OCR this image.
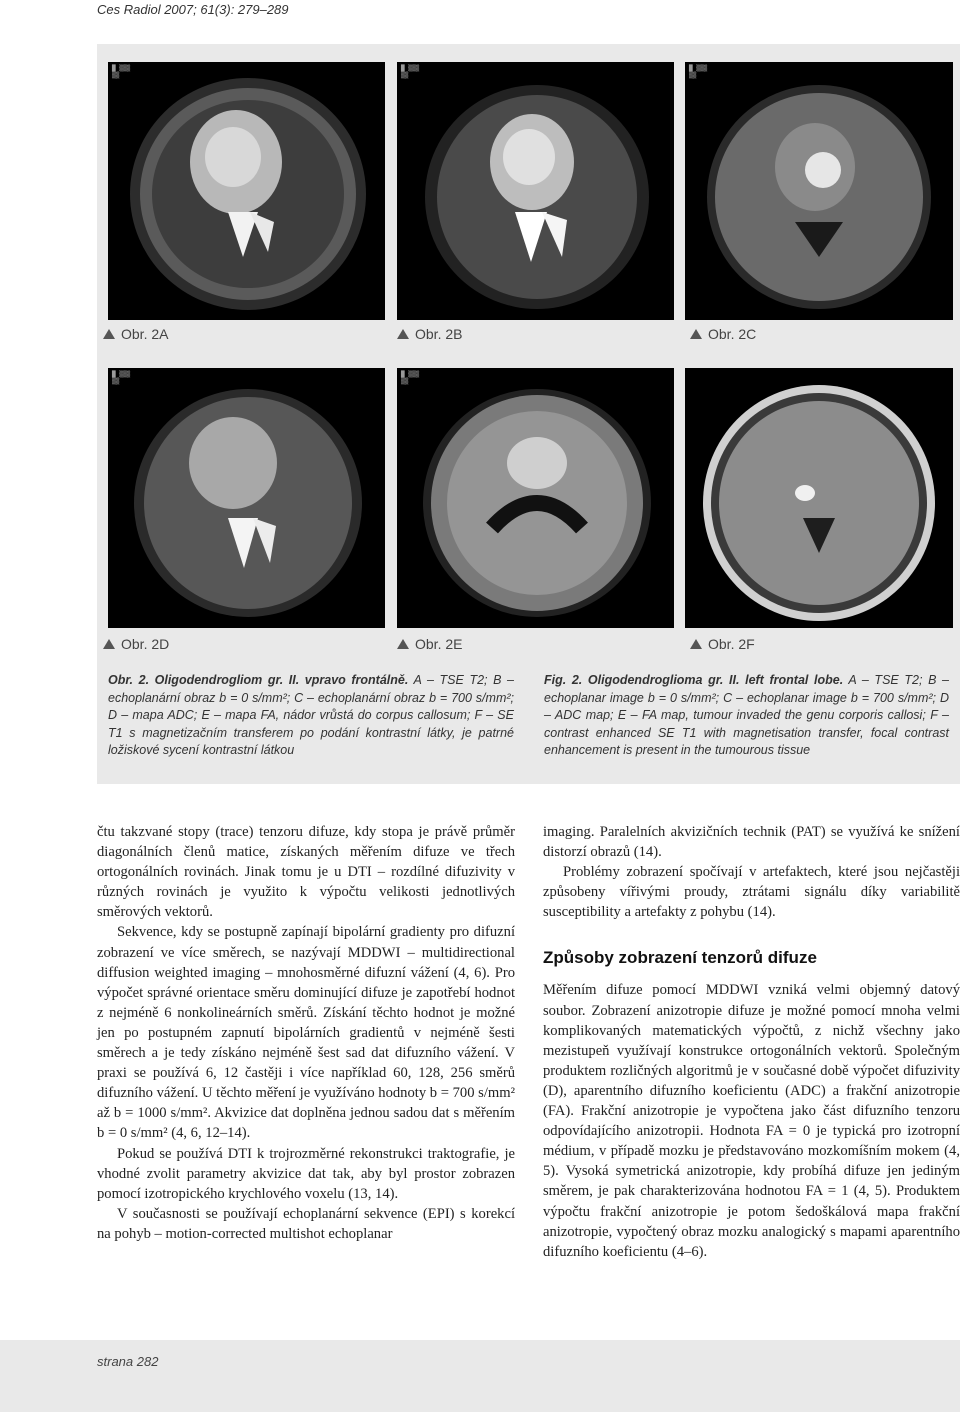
Ces Radiol 2007; 61(3): 279–289
█ ▒▒▒
▒▒
█ ▒▒▒
▒▒
█ ▒▒▒
▒▒
Obr. 2A	Obr. 2B	Obr. 2C
█ ▒▒▒
▒▒
█ ▒▒▒
▒▒
Obr. 2D	Obr. 2E	Obr. 2F
Obr. 2. Oligodendrogliom gr. II. vpravo frontálně. A – TSE T2; B – echoplanární obraz b = 0 s/mm²; C – echoplanární obraz b = 700 s/mm²; D – mapa ADC; E – mapa FA, nádor vrůstá do corpus callosum; F – SE T1 s magnetizačním transferem po podání kontrastní látky, je patrné ložiskové sycení kontrastní látkou
Fig. 2. Oligodendroglioma gr. II. left frontal lobe. A – TSE T2; B – echoplanar image b = 0 s/mm²; C – echoplanar image b = 700 s/mm²; D – ADC map; E – FA map, tumour invaded the genu corporis callosi; F – contrast enhanced SE T1 with magnetisation transfer, focal contrast enhancement is present in the tumourous tissue

čtu takzvané stopy (trace) tenzoru difuze, kdy stopa je právě průměr diagonálních členů matice, získaných měřením difuze ve třech ortogonálních rovinách. Jinak tomu je u DTI – rozdílné difuzivity v různých rovinách je využito k výpočtu velikosti jednotlivých směrových vektorů.

Sekvence, kdy se postupně zapínají bipolární gradienty pro difuzní zobrazení ve více směrech, se nazývají MDDWI – multidirectional diffusion weighted imaging – mnohosměrné difuzní vážení (4, 6). Pro výpočet správné orientace směru dominující difuze je zapotřebí hodnot z nejméně 6 nonkolineárních směrů. Získání těchto hodnot je možné jen po postupném zapnutí bipolárních gradientů v nejméně šesti směrech a je tedy získáno nejméně šest sad dat difuzního vážení. V praxi se používá 6, 12 častěji i více například 60, 128, 256 směrů difuzního vážení. U těchto měření je využíváno hodnoty b = 700 s/mm² až b = 1000 s/mm². Akvizice dat doplněna jednou sadou dat s měřením b = 0 s/mm² (4, 6, 12–14).

Pokud se používá DTI k trojrozměrné rekonstrukci traktografie, je vhodné zvolit parametry akvizice dat tak, aby byl prostor zobrazen pomocí izotropického krychlového voxelu (13, 14).

V současnosti se používají echoplanární sekvence (EPI) s korekcí na pohyb – motion-corrected multishot echoplanar

imaging. Paralelních akvizičních technik (PAT) se využívá ke snížení distorzí obrazů (14).

Problémy zobrazení spočívají v artefaktech, které jsou nejčastěji způsobeny vířivými proudy, ztrátami signálu díky variabilitě susceptibility a artefakty z pohybu (14).

Způsoby zobrazení tenzorů difuze

Měřením difuze pomocí MDDWI vzniká velmi objemný datový soubor. Zobrazení anizotropie difuze je možné pomocí mnoha velmi komplikovaných matematických výpočtů, z nichž všechny jako mezistupeň využívají konstrukce ortogonálních vektorů. Společným produktem rozličných algoritmů je v současné době výpočet difuzivity (D), aparentního difuzního koeficientu (ADC) a frakční anizotropie (FA). Frakční anizotropie je vypočtena jako část difuzního tenzoru odpovídajícího anizotropii. Hodnota FA = 0 je typická pro izotropní médium, v případě mozku je představováno mozkomíšním mokem (4, 5). Vysoká symetrická anizotropie, kdy probíhá difuze jen jediným směrem, je pak charakterizována hodnotou FA = 1 (4, 5). Produktem výpočtu frakční anizotropie je potom šedoškálová mapa frakční anizotropie, vypočtený obraz mozku analogický s mapami aparentního difuzního koeficientu (4–6).

strana 282
